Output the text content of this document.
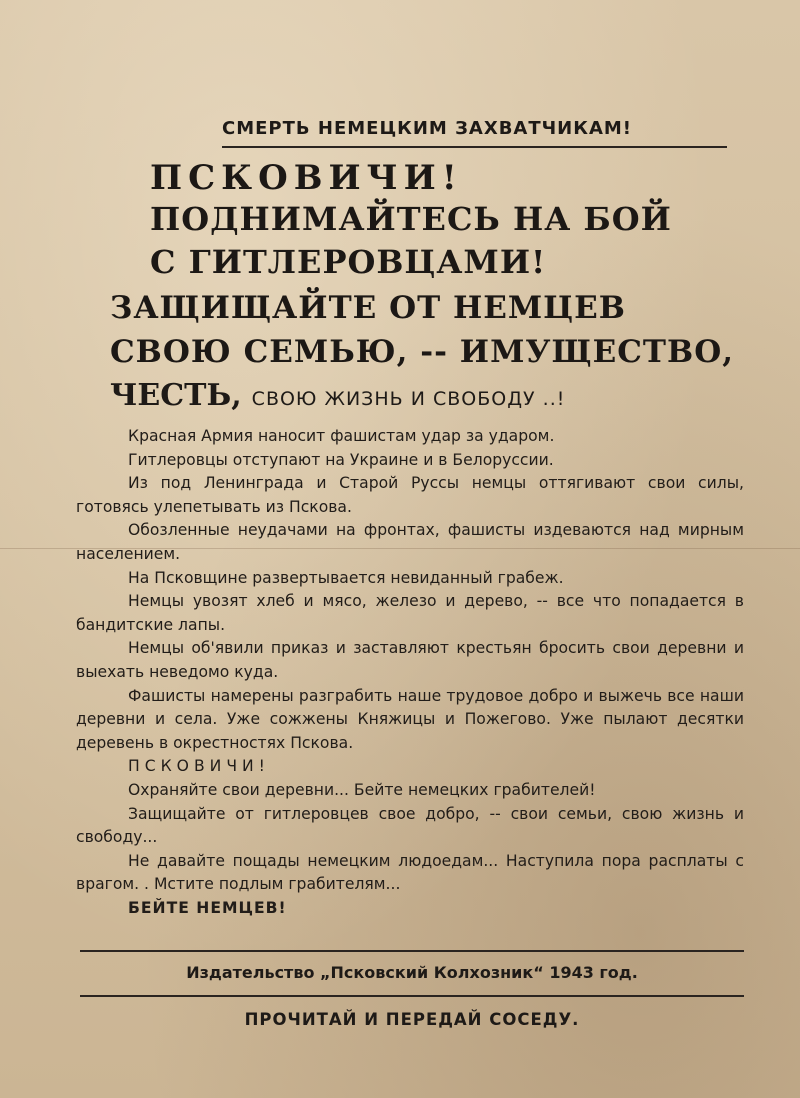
СМЕРТЬ НЕМЕЦКИМ ЗАХВАТЧИКАМ!
ПСКОВИЧИ!
ПОДНИМАЙТЕСЬ НА БОЙ
С ГИТЛЕРОВЦАМИ!
ЗАЩИЩАЙТЕ ОТ НЕМЦЕВ
СВОЮ СЕМЬЮ, -- ИМУЩЕСТВО,
ЧЕСТЬ, СВОЮ ЖИЗНЬ И СВОБОДУ ..!

Красная Армия наносит фашистам удар за ударом.

Гитлеровцы отступают на Украине и в Белоруссии.

Из под Ленинграда и Старой Руссы немцы оттягивают свои силы, готовясь улепетывать из Пскова.

Обозленные неудачами на фронтах, фашисты издеваются над мирным населением.

На Псковщине развертывается невиданный грабеж.

Немцы увозят хлеб и мясо, железо и дерево, -- все что попадается в бандитские лапы.

Немцы об'явили приказ и заставляют крестьян бросить свои деревни и выехать неведомо куда.

Фашисты намерены разграбить наше трудовое добро и выжечь все наши деревни и села. Уже сожжены Княжицы и Пожегово. Уже пылают десятки деревень в окрестностях Пскова.

ПСКОВИЧИ!

Охраняйте свои деревни... Бейте немецких грабителей!

Защищайте от гитлеровцев свое добро, -- свои семьи, свою жизнь и свободу...

Не давайте пощады немецким людоедам... Наступила пора расплаты с врагом. . Мстите подлым грабителям...

БЕЙТЕ НЕМЦЕВ!

Издательство „Псковский Колхозник“ 1943 год.
ПРОЧИТАЙ И ПЕРЕДАЙ СОСЕДУ.
